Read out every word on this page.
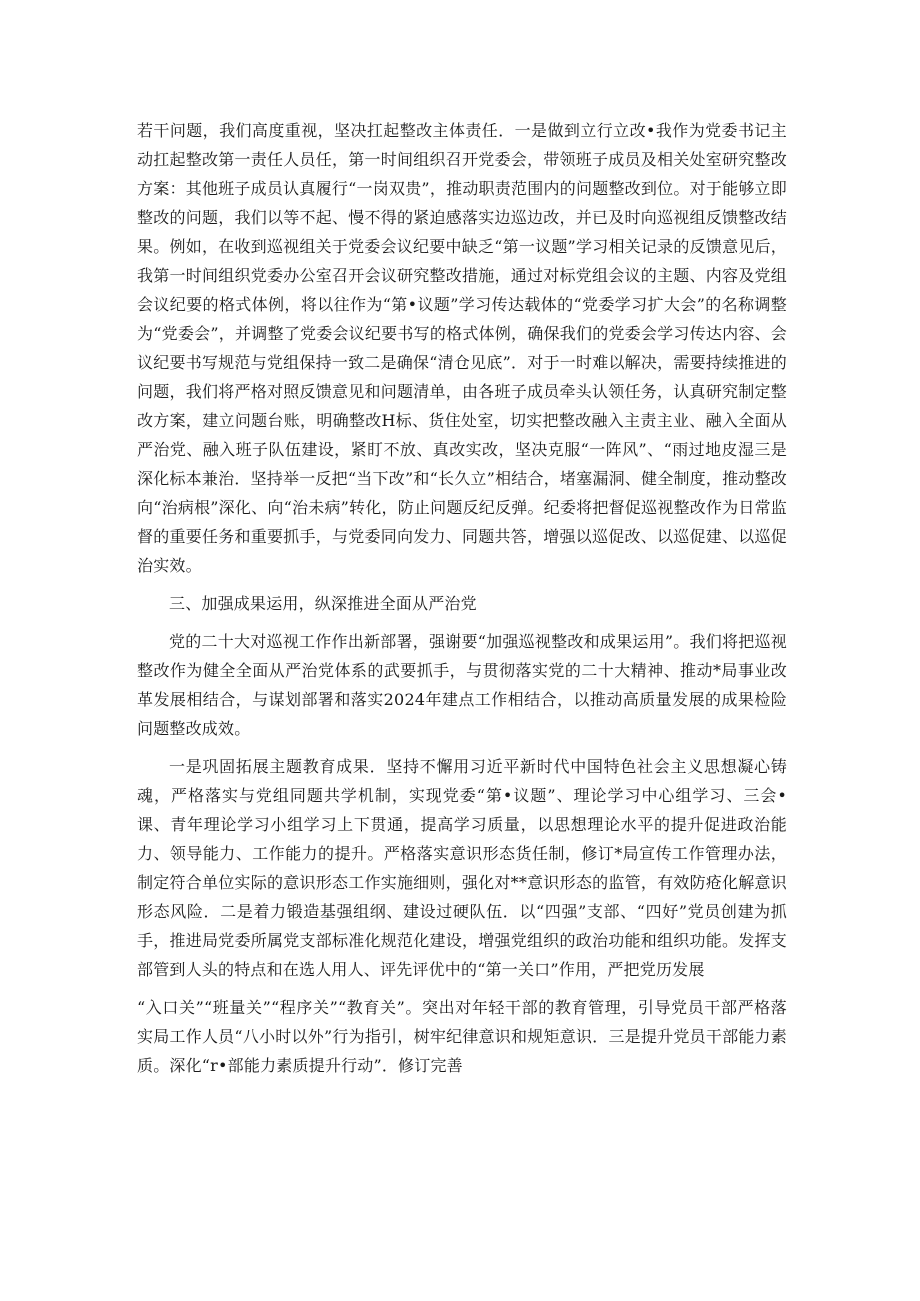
若干问题，我们高度重视，坚决扛起整改主体责任．一是做到立行立改•我作为党委书记主动扛起整改第一责任人员任，第一时间组织召开党委会，带领班子成员及相关处室研究整改方案：其他班子成员认真履行“一岗双贵”，推动职责范围内的问题整改到位。对于能够立即整改的问题，我们以等不起、慢不得的紧迫感落实边巡边改，并已及时向巡视组反馈整改结果。例如，在收到巡视组关于党委会议纪要中缺乏“第一议题”学习相关记录的反馈意见后，我第一时间组织党委办公室召开会议研究整改措施，通过对标党组会议的主题、内容及党组会议纪要的格式体例，将以往作为“第•议题”学习传达载体的“党委学习扩大会”的名称调整为“党委会”，并调整了党委会议纪要书写的格式体例，确保我们的党委会学习传达内容、会议纪要书写规范与党组保持一致二是确保“清仓见底”．对于一时难以解决，需要持续推进的问题，我们将严格对照反馈意见和问题清单，由各班子成员牵头认领任务，认真研究制定整改方案，建立问题台账，明确整改H标、货住处室，切实把整改融入主责主业、融入全面从严治党、融入班子队伍建设，紧盯不放、真改实改，坚决克服“一阵风”、“雨过地皮湿三是深化标本兼治．坚持举一反把“当下改”和“长久立”相结合，堵塞漏洞、健全制度，推动整改向“治病根”深化、向“治未病”转化，防止问题反纪反弹。纪委将把督促巡视整改作为日常监督的重要任务和重要抓手，与党委同向发力、同题共答，增强以巡促改、以巡促建、以巡促治实效。

三、加强成果运用，纵深推进全面从严治党

党的二十大对巡视工作作出新部署，强谢要“加强巡视整改和成果运用”。我们将把巡视整改作为健全全面从严治党体系的武要抓手，与贯彻落实党的二十大精神、推动*局事业改革发展相结合，与谋划部署和落实2024年建点工作相结合，以推动高质量发展的成果检险问题整改成效。

一是巩固拓展主题教育成果．坚持不懈用习近平新时代中国特色社会主义思想凝心铸魂，严格落实与党组同题共学机制，实现党委“第•议题”、理论学习中心组学习、三会•课、青年理论学习小组学习上下贯通，提高学习质量，以思想理论水平的提升促进政治能力、领导能力、工作能力的提升。严格落实意识形态货任制，修订*局宣传工作管理办法，制定符合单位实际的意识形态工作实施细则，强化对**意识形态的监管，有效防疮化解意识形态风险．二是着力锻造基强组纲、建设过硬队伍．以“四强”支部、“四好”党员创建为抓手，推进局党委所属党支部标准化规范化建设，增强党组织的政治功能和组织功能。发挥支部管到人头的特点和在选人用人、评先评优中的“第一关口”作用，严把党历发展

“入口关”“班量关”“程序关”“教育关”。突出对年轻干部的教育管理，引导党员干部严格落实局工作人员“八小时以外”行为指引，树牢纪律意识和规矩意识．三是提升党员干部能力素质。深化“r•部能力素质提升行动”．修订完善
